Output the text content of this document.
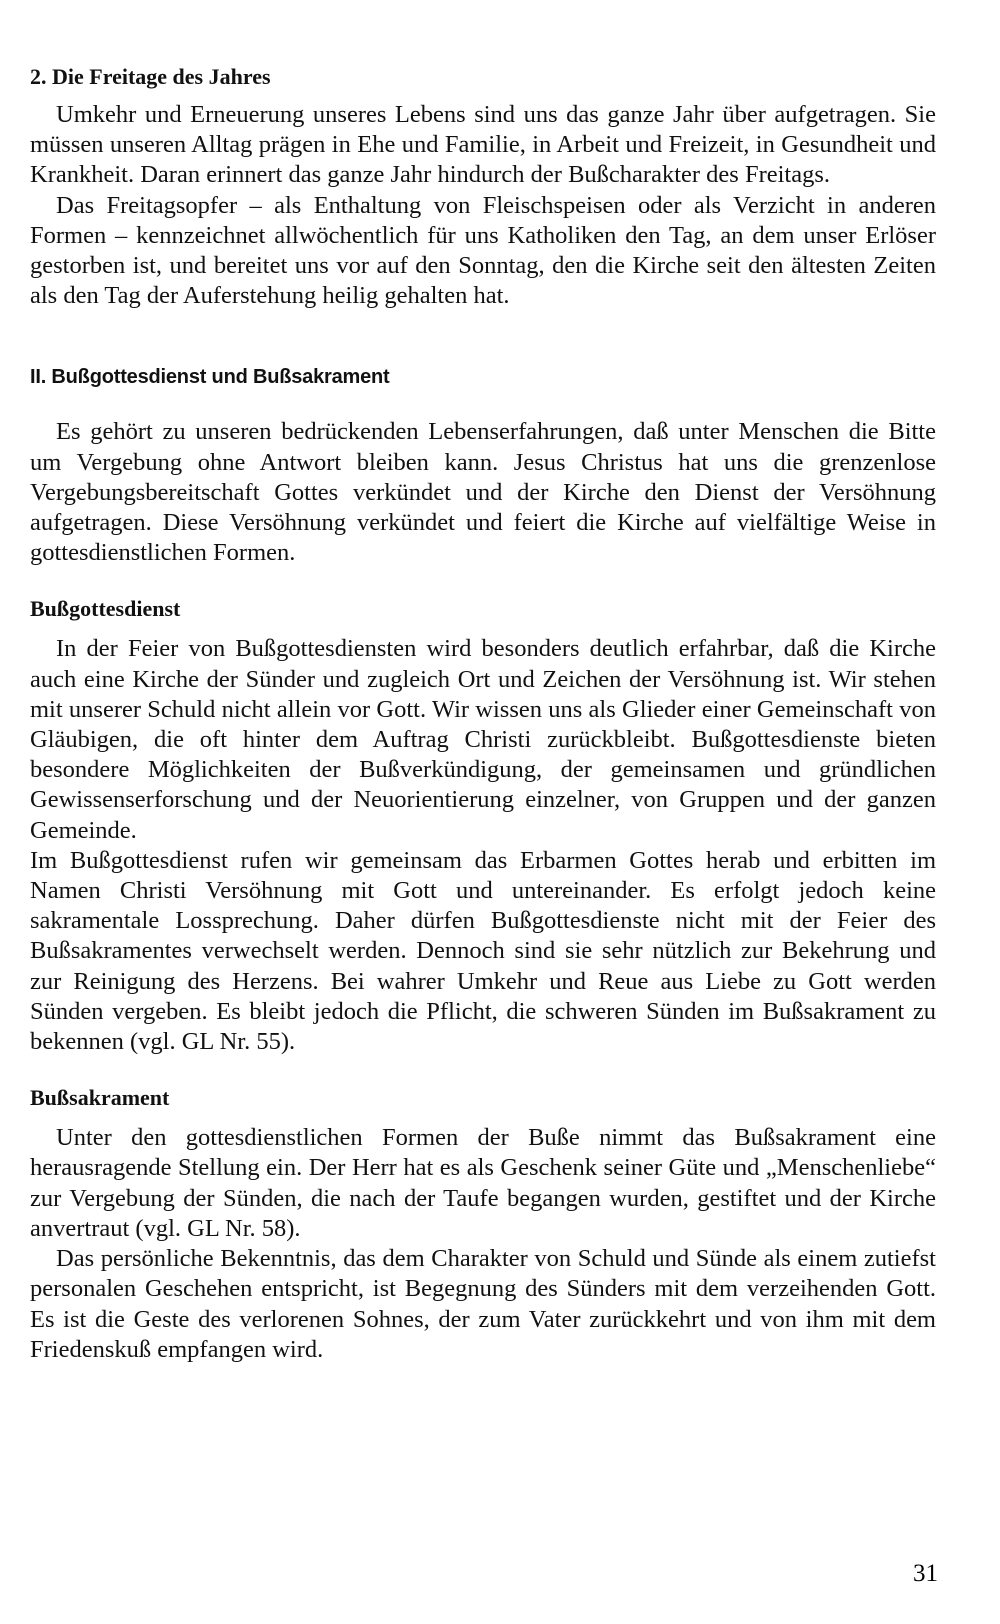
2. Die Freitage des Jahres

Umkehr und Erneuerung unseres Lebens sind uns das ganze Jahr über aufgetragen. Sie müssen unseren Alltag prägen in Ehe und Familie, in Arbeit und Freizeit, in Gesundheit und Krankheit. Daran erinnert das ganze Jahr hindurch der Bußcharakter des Freitags.

Das Freitagsopfer – als Enthaltung von Fleischspeisen oder als Verzicht in anderen Formen – kennzeichnet allwöchentlich für uns Katholiken den Tag, an dem unser Erlöser gestorben ist, und bereitet uns vor auf den Sonntag, den die Kirche seit den ältesten Zeiten als den Tag der Auferstehung heilig gehalten hat.

II. Bußgottesdienst und Bußsakrament

Es gehört zu unseren bedrückenden Lebenserfahrungen, daß unter Menschen die Bitte um Vergebung ohne Antwort bleiben kann. Jesus Christus hat uns die grenzenlose Vergebungsbereitschaft Gottes verkündet und der Kirche den Dienst der Versöhnung aufgetragen. Diese Versöhnung verkündet und feiert die Kirche auf vielfältige Weise in gottesdienstlichen Formen.

Bußgottesdienst

In der Feier von Bußgottesdiensten wird besonders deutlich erfahrbar, daß die Kirche auch eine Kirche der Sünder und zugleich Ort und Zeichen der Versöhnung ist. Wir stehen mit unserer Schuld nicht allein vor Gott. Wir wissen uns als Glieder einer Gemeinschaft von Gläubigen, die oft hinter dem Auftrag Christi zurückbleibt. Bußgottesdienste bieten besondere Möglichkeiten der Bußverkündigung, der gemeinsamen und gründlichen Gewissenserforschung und der Neuorientierung einzelner, von Gruppen und der ganzen Gemeinde.

Im Bußgottesdienst rufen wir gemeinsam das Erbarmen Gottes herab und erbitten im Namen Christi Versöhnung mit Gott und untereinander. Es erfolgt jedoch keine sakramentale Lossprechung. Daher dürfen Bußgottesdienste nicht mit der Feier des Bußsakramentes verwechselt werden. Dennoch sind sie sehr nützlich zur Bekehrung und zur Reinigung des Herzens. Bei wahrer Umkehr und Reue aus Liebe zu Gott werden Sünden vergeben. Es bleibt jedoch die Pflicht, die schweren Sünden im Bußsakrament zu bekennen (vgl. GL Nr. 55).

Bußsakrament

Unter den gottesdienstlichen Formen der Buße nimmt das Bußsakrament eine herausragende Stellung ein. Der Herr hat es als Geschenk seiner Güte und „Menschenliebe“ zur Vergebung der Sünden, die nach der Taufe begangen wurden, gestiftet und der Kirche anvertraut (vgl. GL Nr. 58).

Das persönliche Bekenntnis, das dem Charakter von Schuld und Sünde als einem zutiefst personalen Geschehen entspricht, ist Begegnung des Sünders mit dem verzeihenden Gott. Es ist die Geste des verlorenen Sohnes, der zum Vater zurückkehrt und von ihm mit dem Friedenskuß empfangen wird.

31
